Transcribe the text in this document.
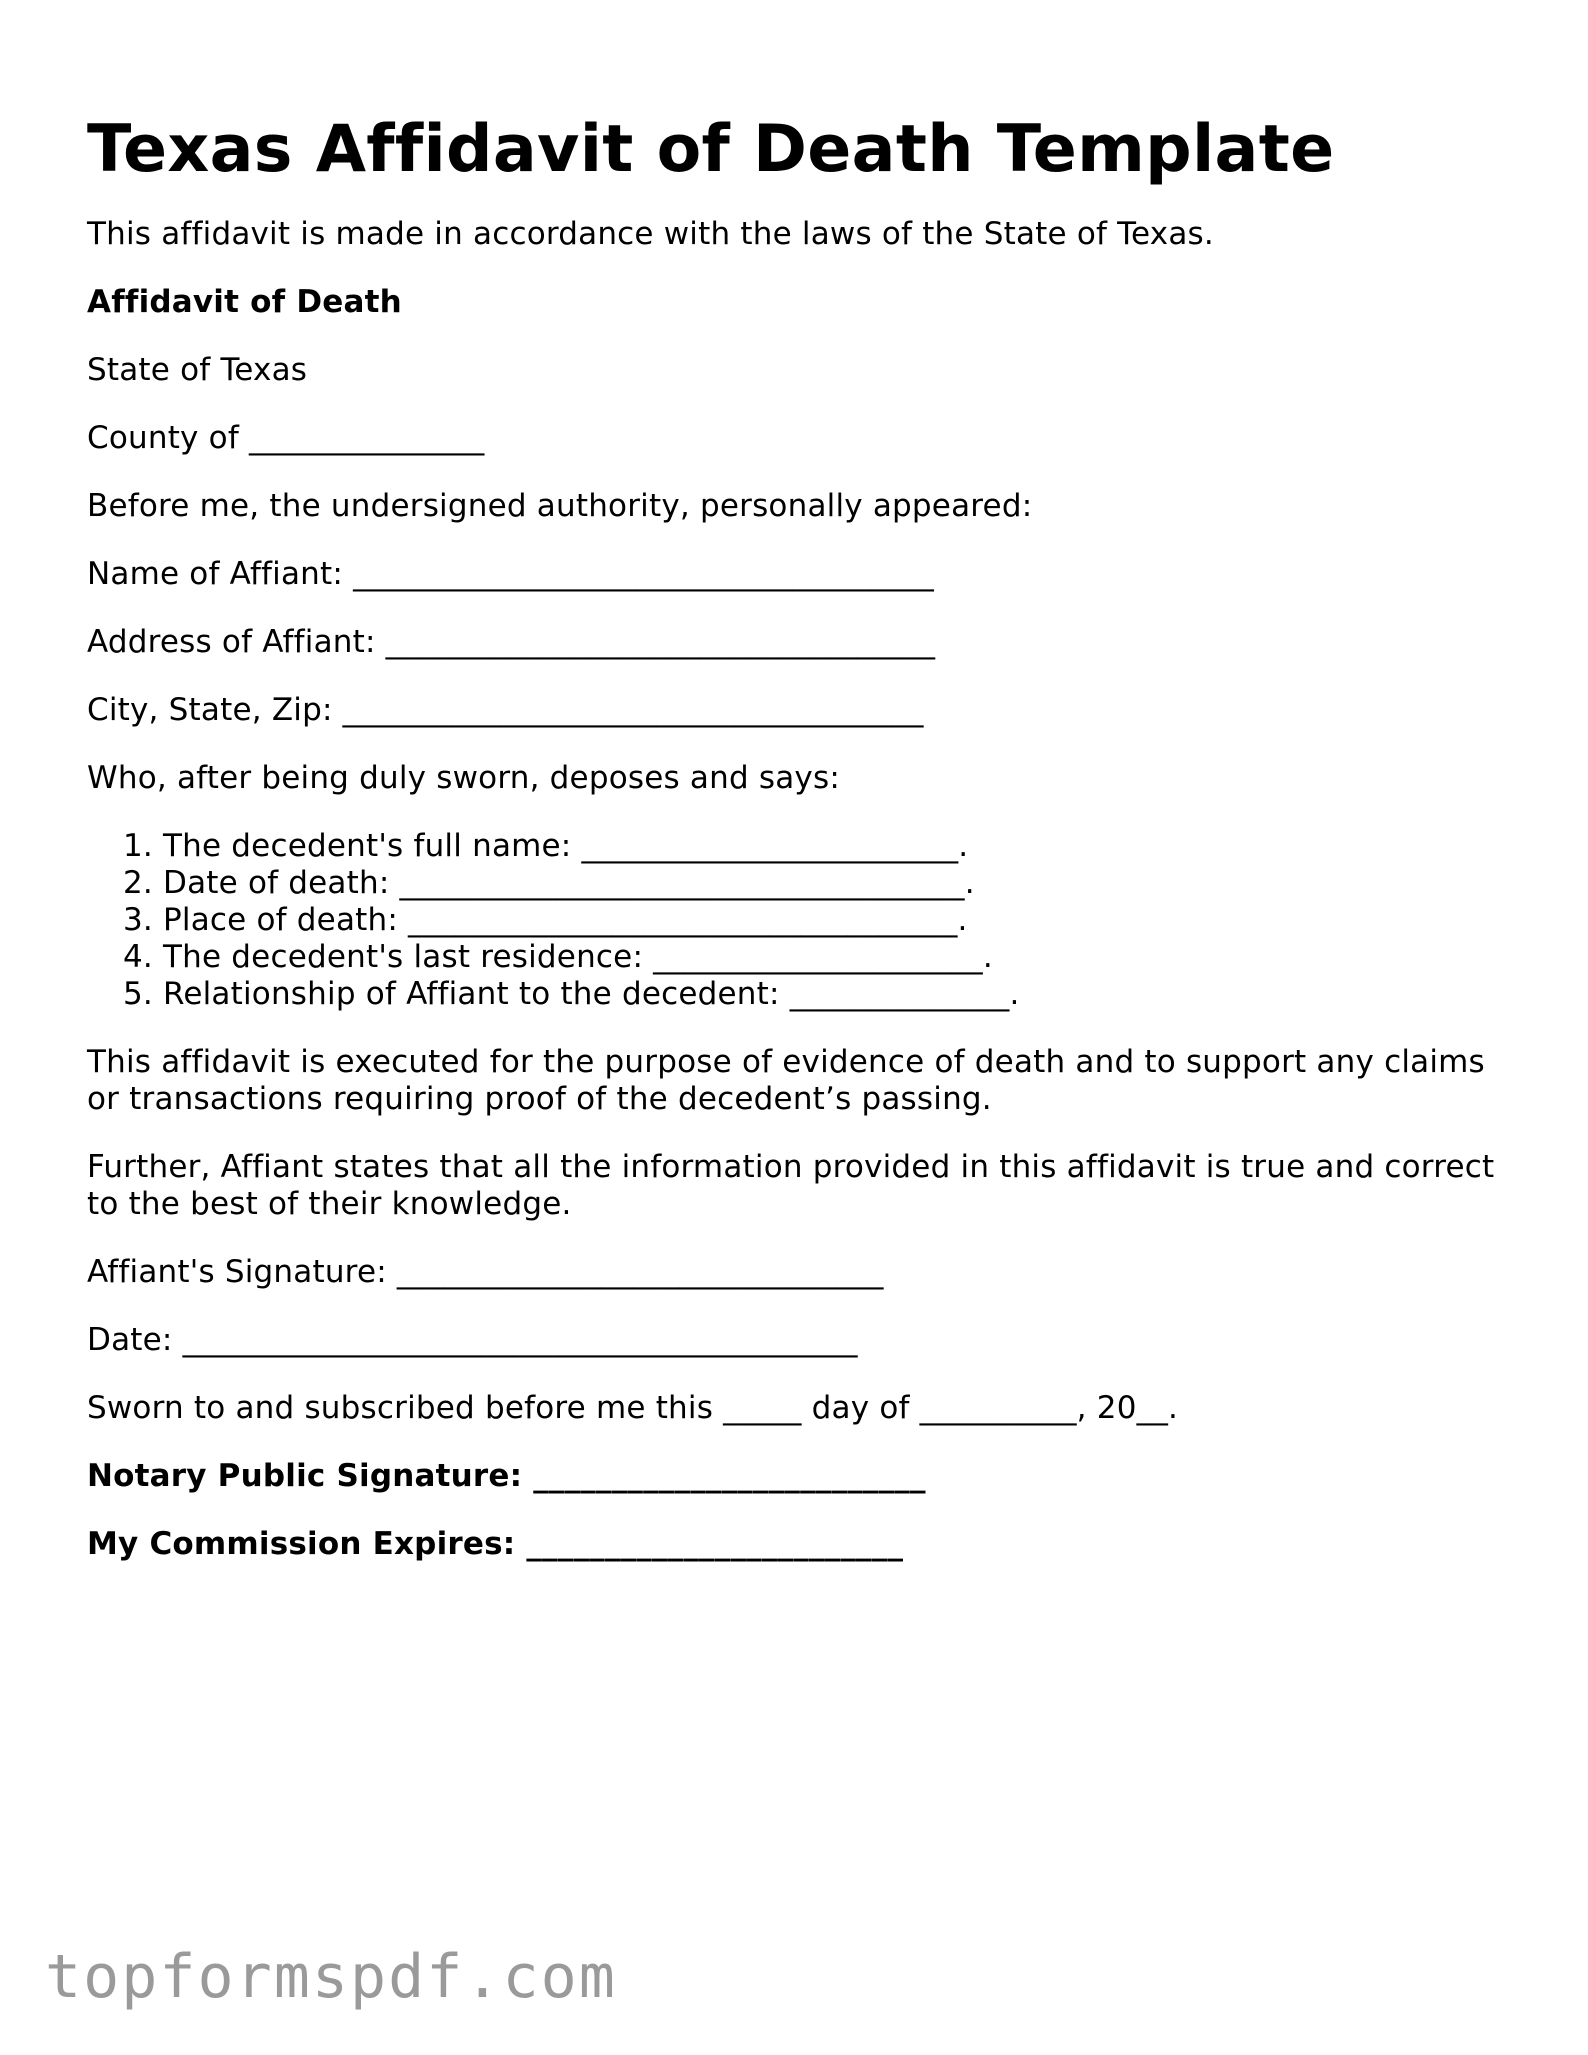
Texas Affidavit of Death Template

This affidavit is made in accordance with the laws of the State of Texas.

Affidavit of Death

State of Texas

County of _______________

Before me, the undersigned authority, personally appeared:

Name of Affiant: _____________________________________

Address of Affiant: ___________________________________

City, State, Zip: _____________________________________

Who, after being duly sworn, deposes and says:

1. The decedent's full name: ________________________.
2. Date of death: ____________________________________.
3. Place of death: ___________________________________.
4. The decedent's last residence: _____________________.
5. Relationship of Affiant to the decedent: ______________.

This affidavit is executed for the purpose of evidence of death and to support any claims or transactions requiring proof of the decedent’s passing.

Further, Affiant states that all the information provided in this affidavit is true and correct to the best of their knowledge.

Affiant's Signature: _______________________________

Date: ___________________________________________

Sworn to and subscribed before me this _____ day of __________, 20__.

Notary Public Signature: _________________________

My Commission Expires: ________________________

topformspdf.com
